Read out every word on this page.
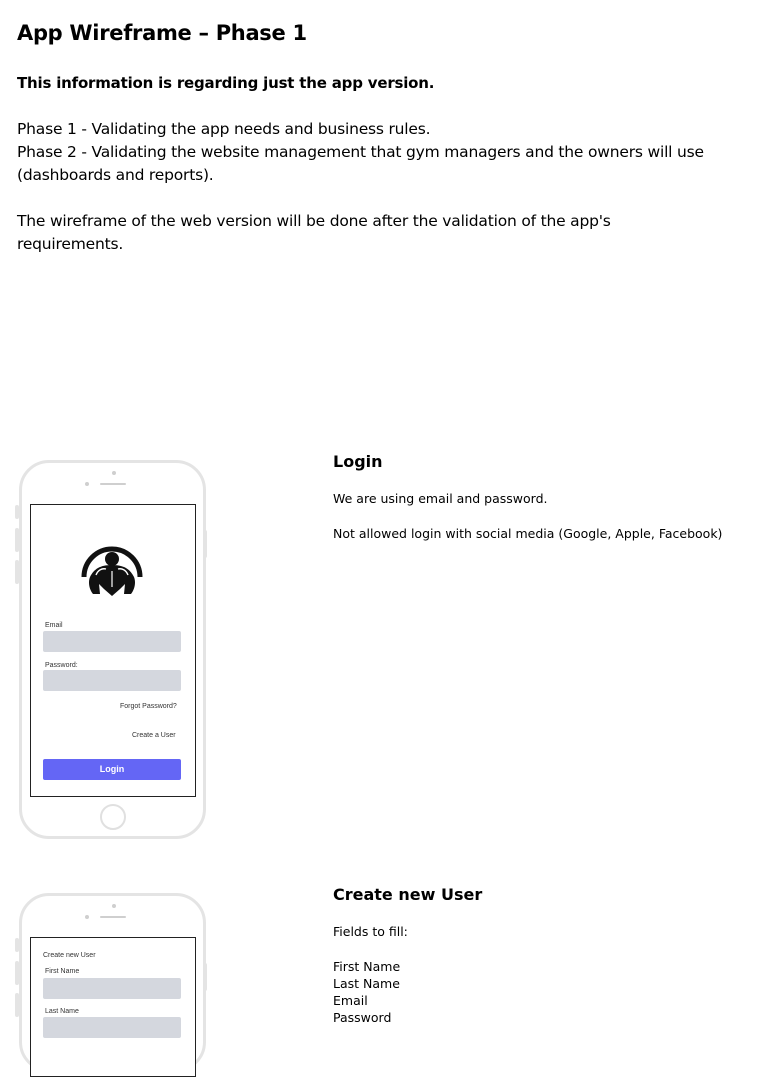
App Wireframe – Phase 1
This information is regarding just the app version.
Phase 1 - Validating the app needs and business rules.
Phase 2 - Validating the website management that gym managers and the owners will use
(dashboards and reports).
The wireframe of the web version will be done after the validation of the app's
requirements.
Email
Password:
Forgot Password?
Create a User
Login
Login
We are using email and password.
Not allowed login with social media (Google, Apple, Facebook)
Create new User
First Name
Last Name
Create new User
Fields to fill:
First Name
Last Name
Email
Password
